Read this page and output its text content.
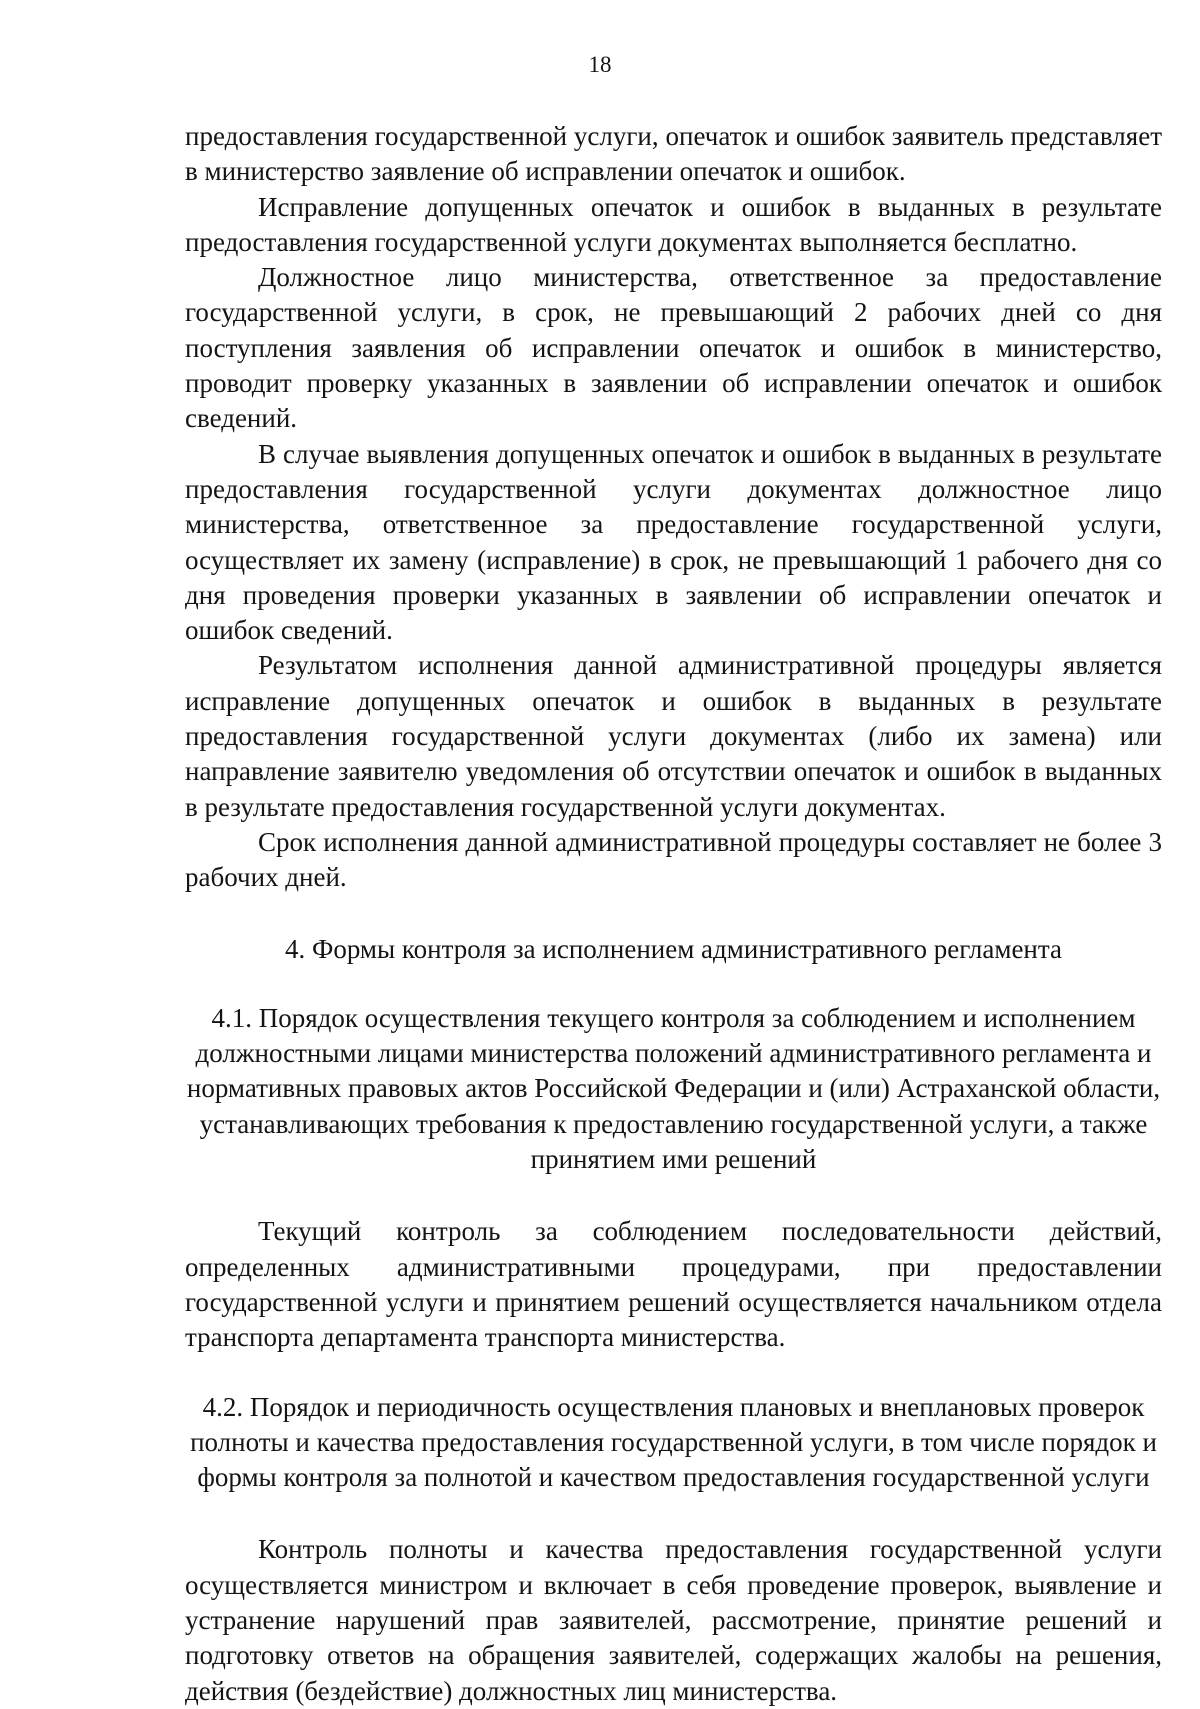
18

предоставления государственной услуги, опечаток и ошибок заявитель представляет в министерство заявление об исправлении опечаток и ошибок.

Исправление допущенных опечаток и ошибок в выданных в результате предоставления государственной услуги документах выполняется бесплатно.

Должностное лицо министерства, ответственное за предоставление государственной услуги, в срок, не превышающий 2 рабочих дней со дня поступления заявления об исправлении опечаток и ошибок в министерство, проводит проверку указанных в заявлении об исправлении опечаток и ошибок сведений.

В случае выявления допущенных опечаток и ошибок в выданных в результате предоставления государственной услуги документах должностное лицо министерства, ответственное за предоставление государственной услуги, осуществляет их замену (исправление) в срок, не превышающий 1 рабочего дня со дня проведения проверки указанных в заявлении об исправлении опечаток и ошибок сведений.

Результатом исполнения данной административной процедуры является исправление допущенных опечаток и ошибок в выданных в результате предоставления государственной услуги документах (либо их замена) или направление заявителю уведомления об отсутствии опечаток и ошибок в выданных в результате предоставления государственной услуги документах.

Срок исполнения данной административной процедуры составляет не более 3 рабочих дней.

4. Формы контроля за исполнением административного регламента
4.1. Порядок осуществления текущего контроля за соблюдением и исполнением должностными лицами министерства положений административного регламента и нормативных правовых актов Российской Федерации и (или) Астраханской области, устанавливающих требования к предоставлению государственной услуги, а также принятием ими решений

Текущий контроль за соблюдением последовательности действий, определенных административными процедурами, при предоставлении государственной услуги и принятием решений осуществляется начальником отдела транспорта департамента транспорта министерства.

4.2. Порядок и периодичность осуществления плановых и внеплановых проверок полноты и качества предоставления государственной услуги, в том числе порядок и формы контроля за полнотой и качеством предоставления государственной услуги

Контроль полноты и качества предоставления государственной услуги осуществляется министром и включает в себя проведение проверок, выявление и устранение нарушений прав заявителей, рассмотрение, принятие решений и подготовку ответов на обращения заявителей, содержащих жалобы на решения, действия (бездействие) должностных лиц министерства.
